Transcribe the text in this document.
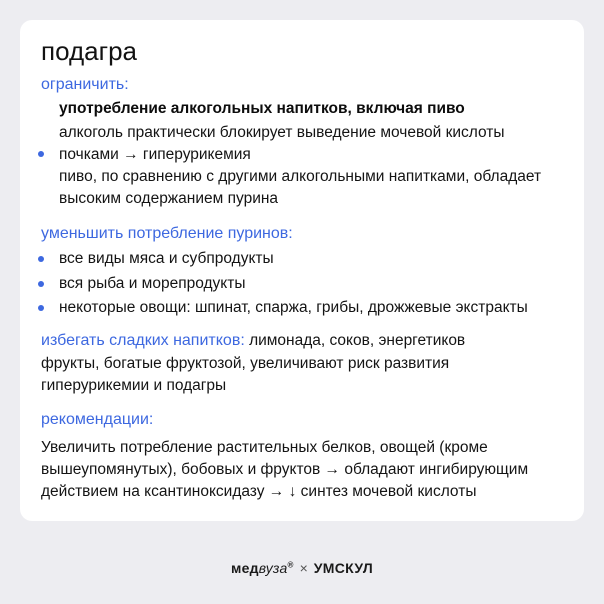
подагра
ограничить:
употребление алкогольных напитков, включая пиво
алкоголь практически блокирует выведение мочевой кислоты
почками → гиперурикемия
пиво, по сравнению с другими алкогольными напитками, обладает
высоким содержанием пурина
уменьшить потребление пуринов:
все виды мяса и субпродукты
вся рыба и морепродукты
некоторые овощи: шпинат, спаржа, грибы, дрожжевые экстракты
избегать сладких напитков: лимонада, соков, энергетиков
фрукты, богатые фруктозой, увеличивают риск развития
гиперурикемии и подагры
рекомендации:
Увеличить потребление растительных белков, овощей (кроме
вышеупомянутых), бобовых и фруктов → обладают ингибирующим
действием на ксантиноксидазу → ↓ синтез мочевой кислоты
медвуза® × УМСКУЛ
